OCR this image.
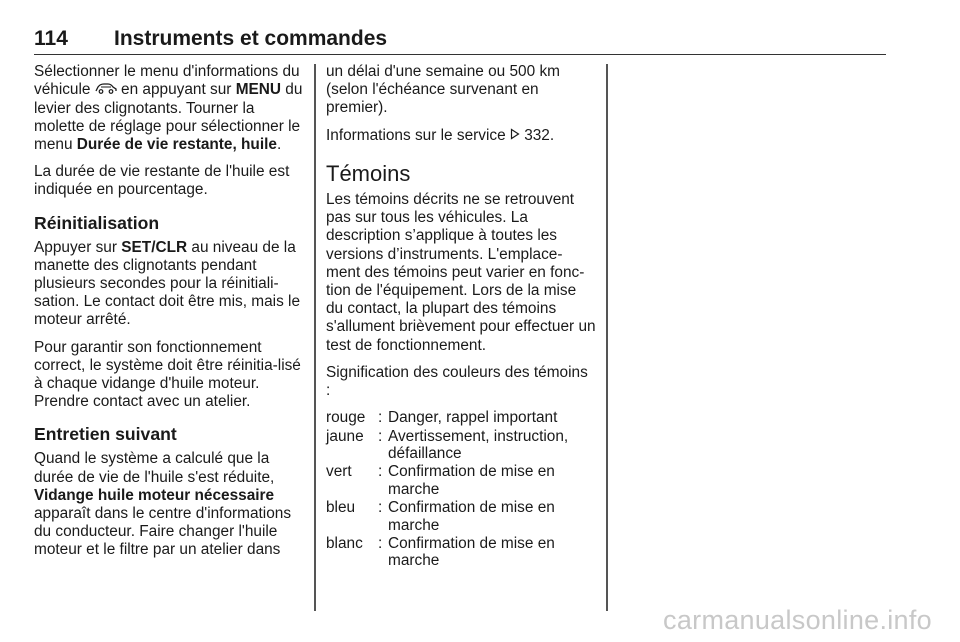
114 Instruments et commandes

Sélectionner le menu d'informations du véhicule  en appuyant sur MENU du levier des clignotants. Tourner la molette de réglage pour sélectionner le menu Durée de vie restante, huile.

La durée de vie restante de l'huile est indiquée en pourcentage.

Réinitialisation

Appuyer sur SET/CLR au niveau de la manette des clignotants pendant plusieurs secondes pour la réinitiali-sation. Le contact doit être mis, mais le moteur arrêté.

Pour garantir son fonctionnement correct, le système doit être réinitia-lisé à chaque vidange d'huile moteur. Prendre contact avec un atelier.

Entretien suivant

Quand le système a calculé que la durée de vie de l'huile s'est réduite, Vidange huile moteur nécessaire apparaît dans le centre d'informations du conducteur. Faire changer l'huile moteur et le filtre par un atelier dans

un délai d'une semaine ou 500 km (selon l'échéance survenant en premier).

Informations sur le service  332.

Témoins

Les témoins décrits ne se retrouvent pas sur tous les véhicules. La description s’applique à toutes les versions d’instruments. L'emplace-ment des témoins peut varier en fonc-tion de l'équipement. Lors de la mise du contact, la plupart des témoins s'allument brièvement pour effectuer un test de fonctionnement.

Signification des couleurs des témoins :

rouge	:	Danger, rappel important
jaune	:	Avertissement, instruction, défaillance
vert	:	Confirmation de mise en marche
bleu	:	Confirmation de mise en marche
blanc	:	Confirmation de mise en marche
carmanualsonline.info
